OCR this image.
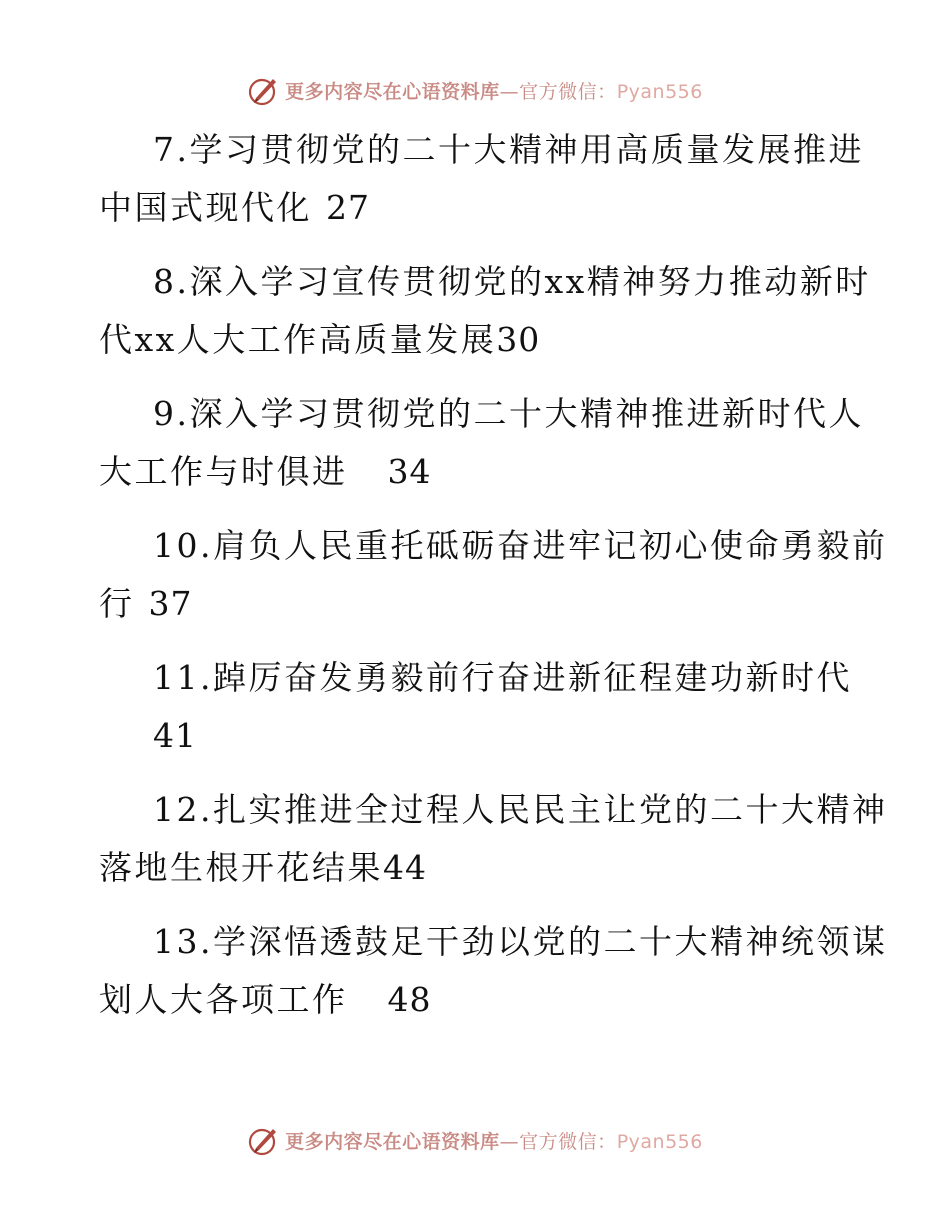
更多内容尽在心语资料库—官方微信：Pyan556
7.学习贯彻党的二十大精神用高质量发展推进
中国式现代化 27
8.深入学习宣传贯彻党的xx精神努力推动新时
代xx人大工作高质量发展30
9.深入学习贯彻党的二十大精神推进新时代人
大工作与时俱进 34
10.肩负人民重托砥砺奋进牢记初心使命勇毅前
行 37
11.踔厉奋发勇毅前行奋进新征程建功新时代
41
12.扎实推进全过程人民民主让党的二十大精神
落地生根开花结果44
13.学深悟透鼓足干劲以党的二十大精神统领谋
划人大各项工作 48
更多内容尽在心语资料库—官方微信：Pyan556
